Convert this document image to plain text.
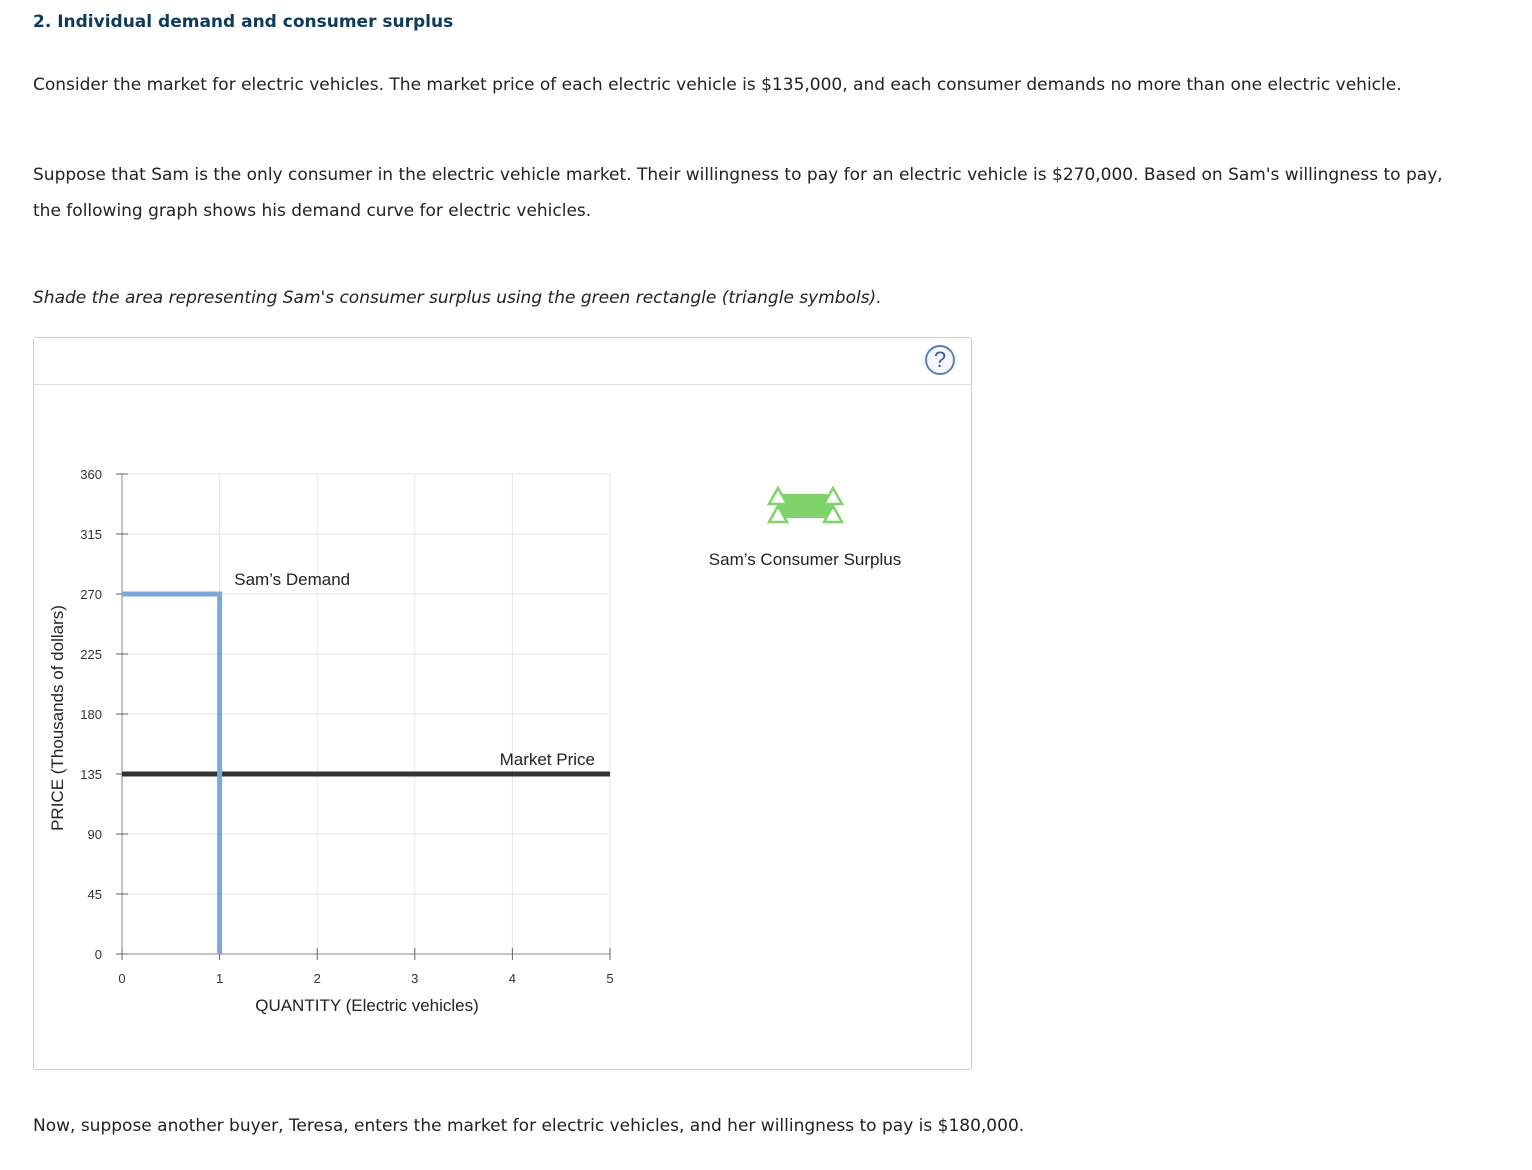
2. Individual demand and consumer surplus
Consider the market for electric vehicles. The market price of each electric vehicle is $135,000, and each consumer demands no more than one electric vehicle.
Suppose that Sam is the only consumer in the electric vehicle market. Their willingness to pay for an electric vehicle is $270,000. Based on Sam's willingness to pay, the following graph shows his demand curve for electric vehicles.
Shade the area representing Sam's consumer surplus using the green rectangle (triangle symbols).
?
0
45
90
135
180
225
270
315
360
0	1	2	3	4	5
QUANTITY (Electric vehicles)
PRICE (Thousands of dollars)
Sam’s Demand
Market Price
Sam’s Consumer Surplus
Now, suppose another buyer, Teresa, enters the market for electric vehicles, and her willingness to pay is $180,000.
